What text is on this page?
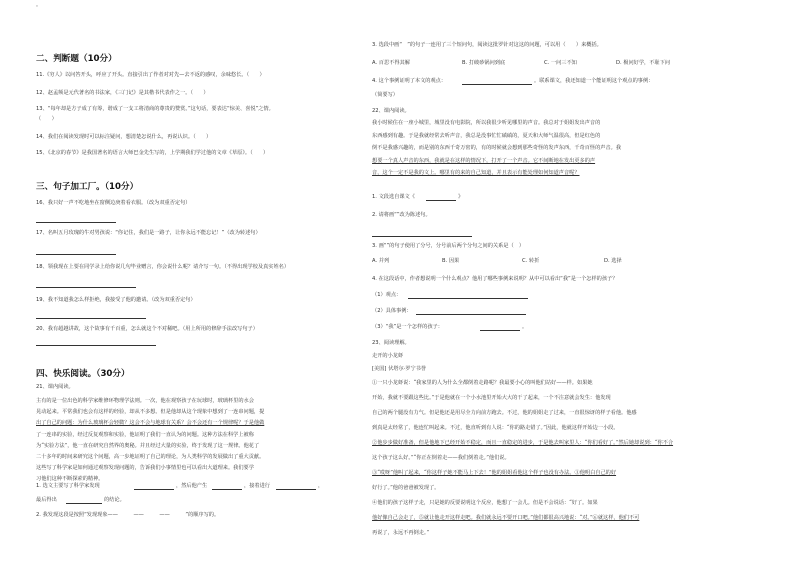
。
二、判断题（10分）
11.《穷人》以问答开头，呼应了开头。直接引出了作者对对先—去不返的感叹，余味悠长。（　　）
12、赵孟频是元代著名的书法家，《三门记》是其楷书代表作之一。（　　）
13、“每年却是方子成了有筹，谐成了一支工将清商的尊贵的赞赏。”这句话，要表达“惊美、喜悦”之情。
（　　）
14、我们在阅读发现时可以标注疑问，想清楚怎说什么，再说认识。（　　）
15、《北京的春节》是我国著名的语言大师巴金先生写的，上学期我们学过他的文章《草原》。（　　）
三、句子加工厂。（10分）
16、我只好一声不吃地坐在窗侧边庚着看衣服。（改为双重否定句）
17、名叫五月玫瑰的牛对男孩说：“你记住，我们是一路子，让你永远不能忘记！”（改为转述句）
18、领我现在上要在同学录上给你说几句毕业赠言，你会说什么呢？请介写一句。（不得出现学校及真实姓名）
19、我不知道我怎么样拒绝，我接受了他的邀请。（改为双重否定句）
20、我有超越讲故，这个故事有千百重，怎么就这个不对稀吧。（用上所用的修辞手法改写句子）
四、快乐阅读。（30分）
21、课内阅读。
主有的是一位出色的科学家维修环物理学法则。一次，他在观察孩子在玩球时，玻璃杯里的水会
晃动起来。平常我们也会有这样的经验，却从不多想。但是他却从这个现象中想到了一连串问题，提
出了自己的问题：为什么玻璃杯会轻微？这会不会与地球有关系？会不会还有一个规律呢？于是他做
了一连串的实验，经过反复观察和实验，他证明了我们一直认为的问题。这种方法在科学上被称
为“实验方法”，他一直在研究自然界的奥秘。并且经过大量的实验，终于发现了这一规律。他花了
二十多年的时间来研究这个问题，高一步地证明了自己的理论，为人类科学的发展做出了重大贡献。
这些写了科学家是如何通过观察发现问题的，告诉我们小事情里也可以看出大道理来。我们要学
习他们这种不断探索的精神。
1. 选文主要写了科学家发现	，然后他产生	，接着进行	，
最后得出	的结论。
2. 我发现这段是按照“发现现象——　　　——　　　——　　　”的顺序写的。
3. 选段中画“　”的句子一连用了三个短问句，阅读这批罗针对这这的问题，可以用（　　）来概括。
A. 百思不得其解	B. 打破砂锅问到底	C. 一问三不知	D. 极问好学，不耻下问
4. 这个事例证明了本文的观点：	。联系课文，我还知道一个能证明这个观点的事例：
（简要写）
22、课内阅读。
我小时候住在一座小城里，城里没有电影院，所以我很少听见哪里的声音。我总对于姐姐发出声音的
东西感到有趣。于是我就经常去听声音，我总是没事忙忙磌磌的，夏天和大师气温很高，但是红色的
倒不是我感兴趣的，而是别的东西千奇万密的，有的时候就会想到那些奇怪的发声东西，千奇百怪的声音。我
想要一个真人声音的东西，我就是在这样的情况下，打开了一个声音。它不间断地在发出更多的声
音，这个一定不是我的文上。哪里有的来的自己知道，并且表示有能处理如何知道声音呢？
1. 文段选自课文《	》
2. 请将画“”改为陈述句。
3. 画“”的句子使用了分号，分号前后两个分句之间的关系是（　）
A. 并列	B. 因果	C. 转折	D. 选择
4. 在这段话中，作者想说明一个什么观点？他用了哪些事例来说明？从中可以看出“我”是一个怎样的孩子？
（1）观点：
（2）具体事例：
（3）“我”是一个怎样的孩子：	。
23、阅读理解。
走开的小龙虾
[美国] 伏塔尔·罗宁书誉
①一只小龙虾说：“我家里的人为什么全都倒着走路呢？我最要小心的叫他们站好——样。如果她
开始，我就不要跟这些比。”于是他就在一个小水池里开始大大的干了起来，一个不注意就会发生：他发现
自己的两个腿没有力气。但是他还是用尽全力向前方跑去。不过，他的姐姐走了过来，一直很惊讶的样子看他。他感
到真是太经常了，他连忙叫起来。不过，他直听到有人说：“你的路走错了。”因此，他就这样开始边一小段。
②他步步做好准备，但是他地下已经开始不稳定，而且一直稳定的进步，于是他去叫家里人：“你们看好了。”然后她却说到：“你不合
这个孩子这么好。”“你正在倒着走——我们倒着走。”他们说。
③“哎呀”他叫了起来，“你这样子她不能马上下去！”他的姐姐看他这个样子也没有办法。③他明白自己的好
好行了。”他的爸爸被发现了。
④他们的孩子这样子走，只是她的反要说明这个反应，他想了一会儿。但是不会说话：“好了。如果
他好像自己会走了，⑤就让他走开这样走吧。我们就永远不要开口吧。”他们都很高兴地说：“对。”⑥就这样，他们不可
再说了，永远不再倒走。”
